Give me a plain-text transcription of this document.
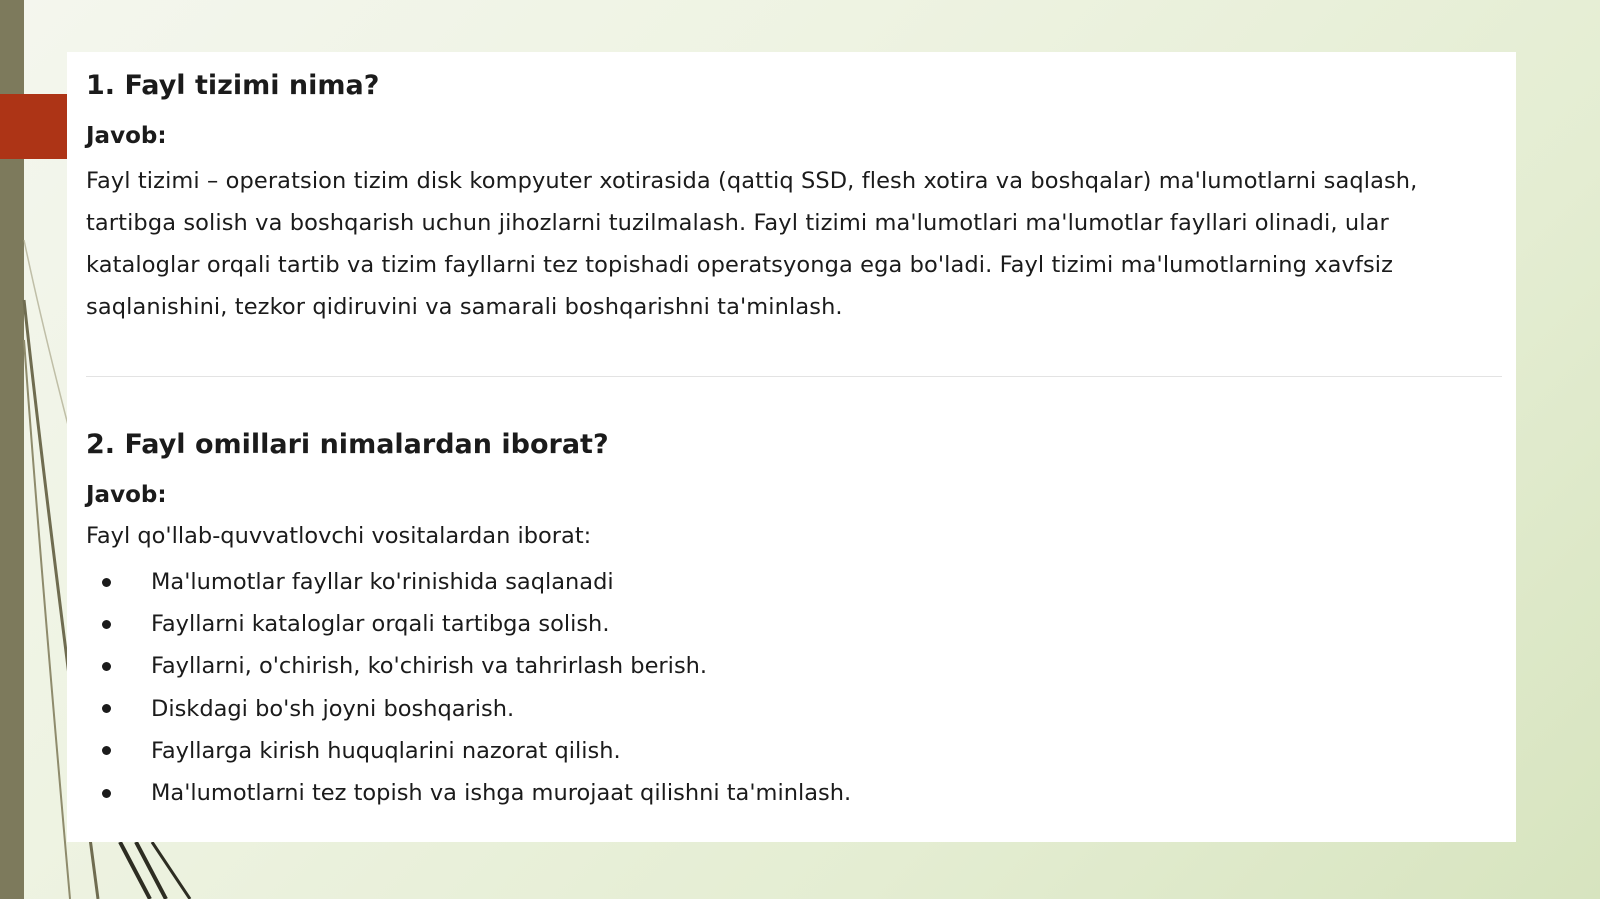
1. Fayl tizimi nima?
Javob:

Fayl tizimi – operatsion tizim disk kompyuter xotirasida (qattiq SSD, flesh xotira va boshqalar) ma'lumotlarni saqlash, tartibga solish va boshqarish uchun jihozlarni tuzilmalash. Fayl tizimi ma'lumotlari ma'lumotlar fayllari olinadi, ular kataloglar orqali tartib va tizim fayllarni tez topishadi operatsyonga ega bo'ladi. Fayl tizimi ma'lumotlarning xavfsiz saqlanishini, tezkor qidiruvini va samarali boshqarishni ta'minlash.

2. Fayl omillari nimalardan iborat?
Javob:

Fayl qo'llab-quvvatlovchi vositalardan iborat:

Ma'lumotlar fayllar ko'rinishida saqlanadi
Fayllarni kataloglar orqali tartibga solish.
Fayllarni, o'chirish, ko'chirish va tahrirlash berish.
Diskdagi bo'sh joyni boshqarish.
Fayllarga kirish huquqlarini nazorat qilish.
Ma'lumotlarni tez topish va ishga murojaat qilishni ta'minlash.
